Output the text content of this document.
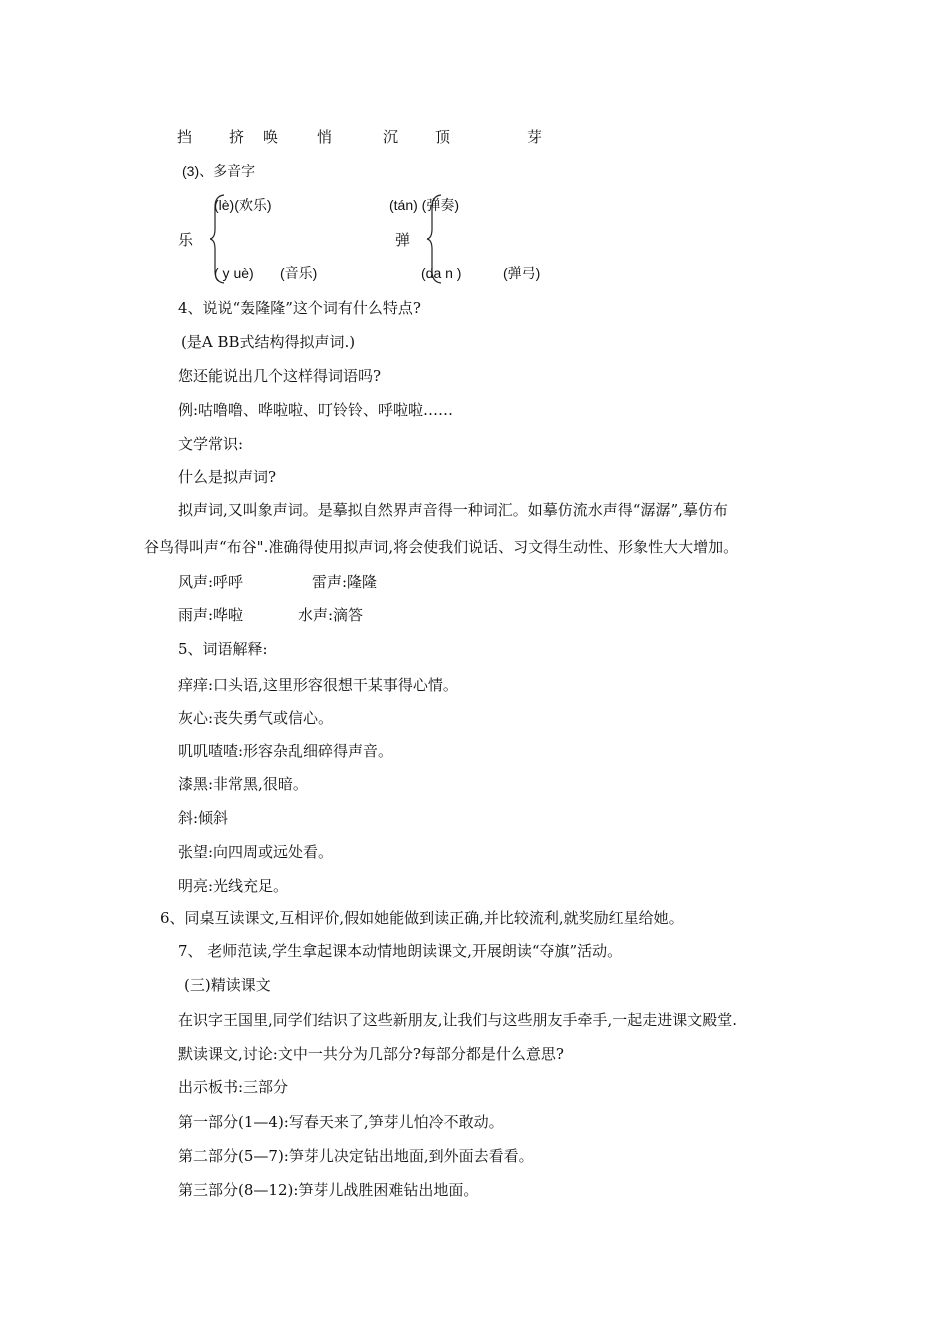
挡 挤 唤	悄	沉 顶	芽
(3)、多音字
(lè)(欢乐)
乐
( y uè) (音乐)
(tán) (弹奏)
弹
(da n )	(弹弓)
4、说说“轰隆隆”这个词有什么特点?
(是A BB式结构得拟声词.)
您还能说出几个这样得词语吗?
例:咕噜噜、哗啦啦、叮铃铃、呼啦啦……
文学常识:
什么是拟声词?
拟声词,又叫象声词。是摹拟自然界声音得一种词汇。如摹仿流水声得“潺潺”,摹仿布
谷鸟得叫声“布谷".准确得使用拟声词,将会使我们说话、习文得生动性、形象性大大增加。
风声:呼呼	雷声:隆隆
雨声:哗啦	水声:滴答
5、词语解释:
痒痒:口头语,这里形容很想干某事得心情。
灰心:丧失勇气或信心。
叽叽喳喳:形容杂乱细碎得声音。
漆黑:非常黑,很暗。
斜:倾斜
张望:向四周或远处看。
明亮:光线充足。
6、同桌互读课文,互相评价,假如她能做到读正确,并比较流利,就奖励红星给她。
7、 老师范读,学生拿起课本动情地朗读课文,开展朗读“夺旗”活动。
(三)精读课文
在识字王国里,同学们结识了这些新朋友,让我们与这些朋友手牵手,一起走进课文殿堂.
默读课文,讨论:文中一共分为几部分?每部分都是什么意思?
出示板书:三部分
第一部分(1—4):写春天来了,笋芽儿怕冷不敢动。
第二部分(5—7):笋芽儿决定钻出地面,到外面去看看。
第三部分(8—12):笋芽儿战胜困难钻出地面。
